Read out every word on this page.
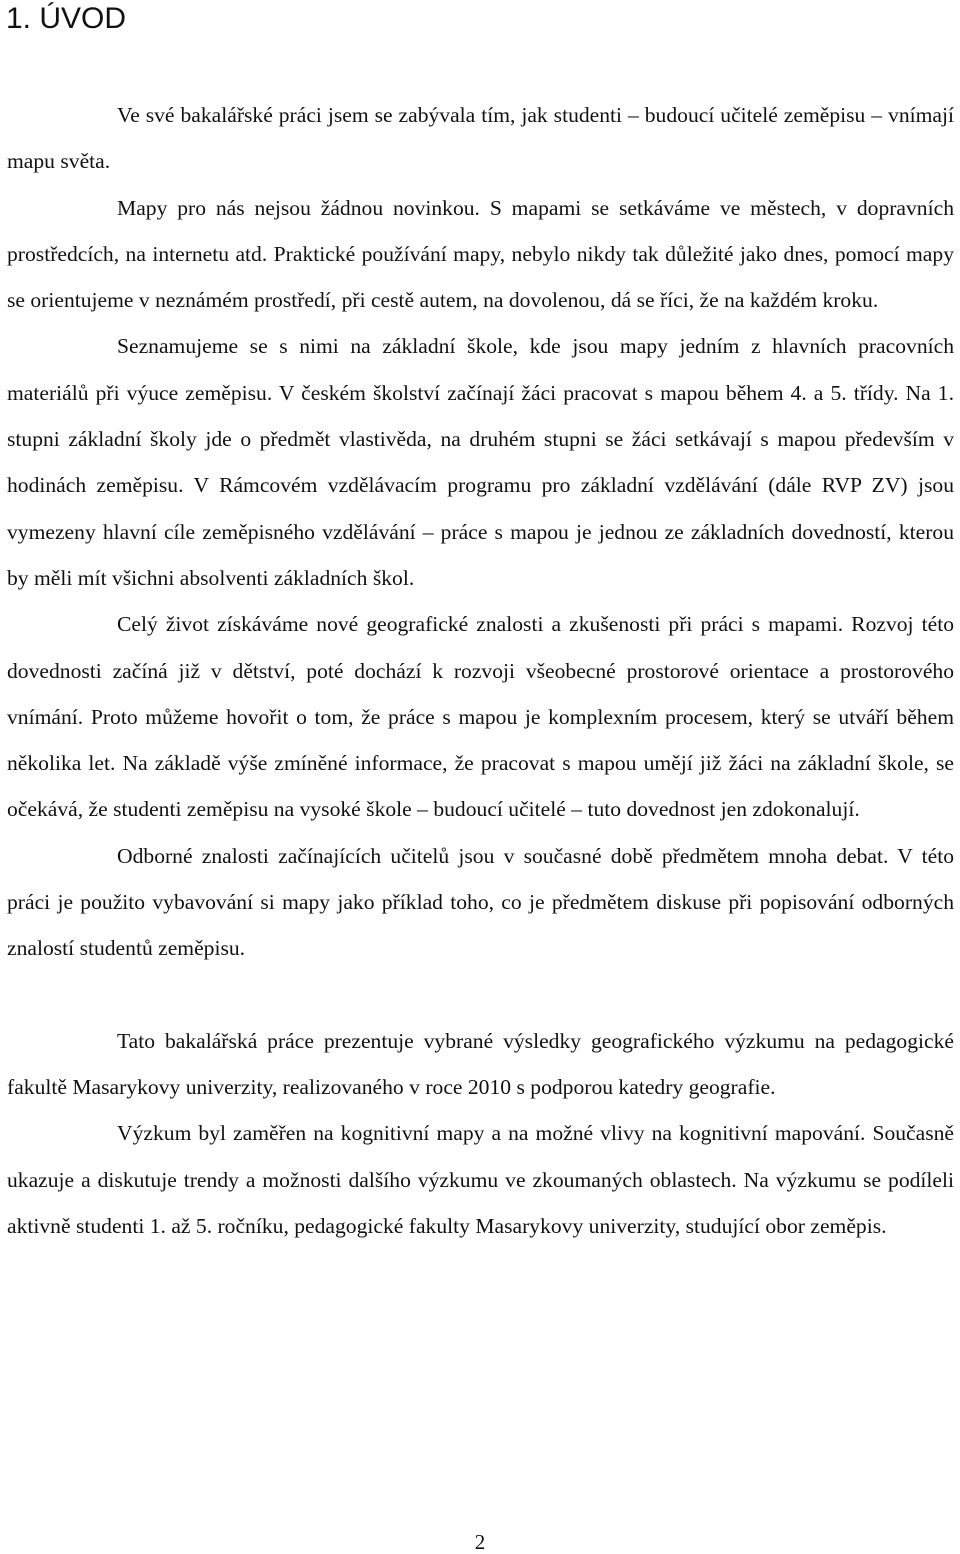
1. ÚVOD

Ve své bakalářské práci jsem se zabývala tím, jak studenti – budoucí učitelé zeměpisu – vnímají mapu světa.

Mapy pro nás nejsou žádnou novinkou. S mapami se setkáváme ve městech, v dopravních prostředcích, na internetu atd. Praktické používání mapy, nebylo nikdy tak důležité jako dnes, pomocí mapy se orientujeme v neznámém prostředí, při cestě autem, na dovolenou, dá se říci, že na každém kroku.

Seznamujeme se s nimi na základní škole, kde jsou mapy jedním z hlavních pracovních materiálů při výuce zeměpisu. V českém školství začínají žáci pracovat s mapou během 4. a 5. třídy. Na 1. stupni základní školy jde o předmět vlastivěda, na druhém stupni se žáci setkávají s mapou především v hodinách zeměpisu. V Rámcovém vzdělávacím programu pro základní vzdělávání (dále RVP ZV) jsou vymezeny hlavní cíle zeměpisného vzdělávání – práce s mapou je jednou ze základních dovedností, kterou by měli mít všichni absolventi základních škol.

Celý život získáváme nové geografické znalosti a zkušenosti při práci s mapami. Rozvoj této dovednosti začíná již v dětství, poté dochází k rozvoji všeobecné prostorové orientace a prostorového vnímání. Proto můžeme hovořit o tom, že práce s mapou je komplexním procesem, který se utváří během několika let. Na základě výše zmíněné informace, že pracovat s mapou umějí již žáci na základní škole, se očekává, že studenti zeměpisu na vysoké škole – budoucí učitelé – tuto dovednost jen zdokonalují.

Odborné znalosti začínajících učitelů jsou v současné době předmětem mnoha debat. V této práci je použito vybavování si mapy jako příklad toho, co je předmětem diskuse při popisování odborných znalostí studentů zeměpisu.

Tato bakalářská práce prezentuje vybrané výsledky geografického výzkumu na pedagogické fakultě Masarykovy univerzity, realizovaného v roce 2010 s podporou katedry geografie.

Výzkum byl zaměřen na kognitivní mapy a na možné vlivy na kognitivní mapování. Současně ukazuje a diskutuje trendy a možnosti dalšího výzkumu ve zkoumaných oblastech. Na výzkumu se podíleli aktivně studenti 1. až 5. ročníku, pedagogické fakulty Masarykovy univerzity, studující obor zeměpis.

2
